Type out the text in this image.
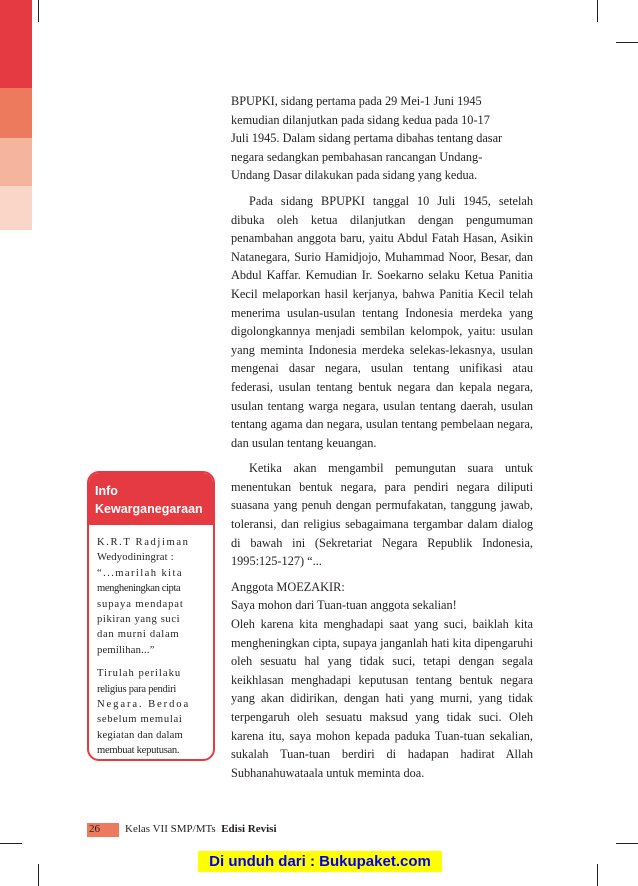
BPUPKI, sidang pertama pada 29 Mei-1 Juni 1945
kemudian dilanjutkan pada sidang kedua pada 10-17
Juli 1945. Dalam sidang pertama dibahas tentang dasar
negara sedangkan pembahasan rancangan Undang-
Undang Dasar dilakukan pada sidang yang kedua.

Pada sidang BPUPKI tanggal 10 Juli 1945, setelah dibuka oleh ketua dilanjutkan dengan pengumuman penambahan anggota baru, yaitu Abdul Fatah Hasan, Asikin Natanegara, Surio Hamidjojo, Muhammad Noor, Besar, dan Abdul Kaffar. Kemudian Ir. Soekarno selaku Ketua Panitia Kecil melaporkan hasil kerjanya, bahwa Panitia Kecil telah menerima usulan-usulan tentang Indonesia merdeka yang digolongkannya menjadi sembilan kelompok, yaitu: usulan yang meminta Indonesia merdeka selekas-lekasnya, usulan mengenai dasar negara, usulan tentang unifikasi atau federasi, usulan tentang bentuk negara dan kepala negara, usulan tentang warga negara, usulan tentang daerah, usulan tentang agama dan negara, usulan tentang pembelaan negara, dan usulan tentang keuangan.

Ketika akan mengambil pemungutan suara untuk menentukan bentuk negara, para pendiri negara diliputi suasana yang penuh dengan permufakatan, tanggung jawab, toleransi, dan religius sebagaimana tergambar dalam dialog di bawah ini (Sekretariat Negara Republik Indonesia, 1995:125-127) “...

Anggota MOEZAKIR:

Saya mohon dari Tuan-tuan anggota sekalian!

Oleh karena kita menghadapi saat yang suci, baiklah kita mengheningkan cipta, supaya janganlah hati kita dipengaruhi oleh sesuatu hal yang tidak suci, tetapi dengan segala keikhlasan menghadapi keputusan tentang bentuk negara yang akan didirikan, dengan hati yang murni, yang tidak terpengaruh oleh sesuatu maksud yang tidak suci. Oleh karena itu, saya mohon kepada paduka Tuan-tuan sekalian, sukalah Tuan-tuan berdiri di hadapan hadirat Allah Subhanahuwataala untuk meminta doa.

Info
Kewarganegaraan

K.R.T Radjiman
Wedyodiningrat :
“...marilah kita
mengheningkan cipta
supaya mendapat
pikiran yang suci
dan murni dalam
pemilihan...”

Tirulah perilaku
religius para pendiri
Negara. Berdoa
sebelum memulai
kegiatan dan dalam
membuat keputusan.

26 Kelas VII SMP/MTs Edisi Revisi
Di unduh dari : Bukupaket.com
